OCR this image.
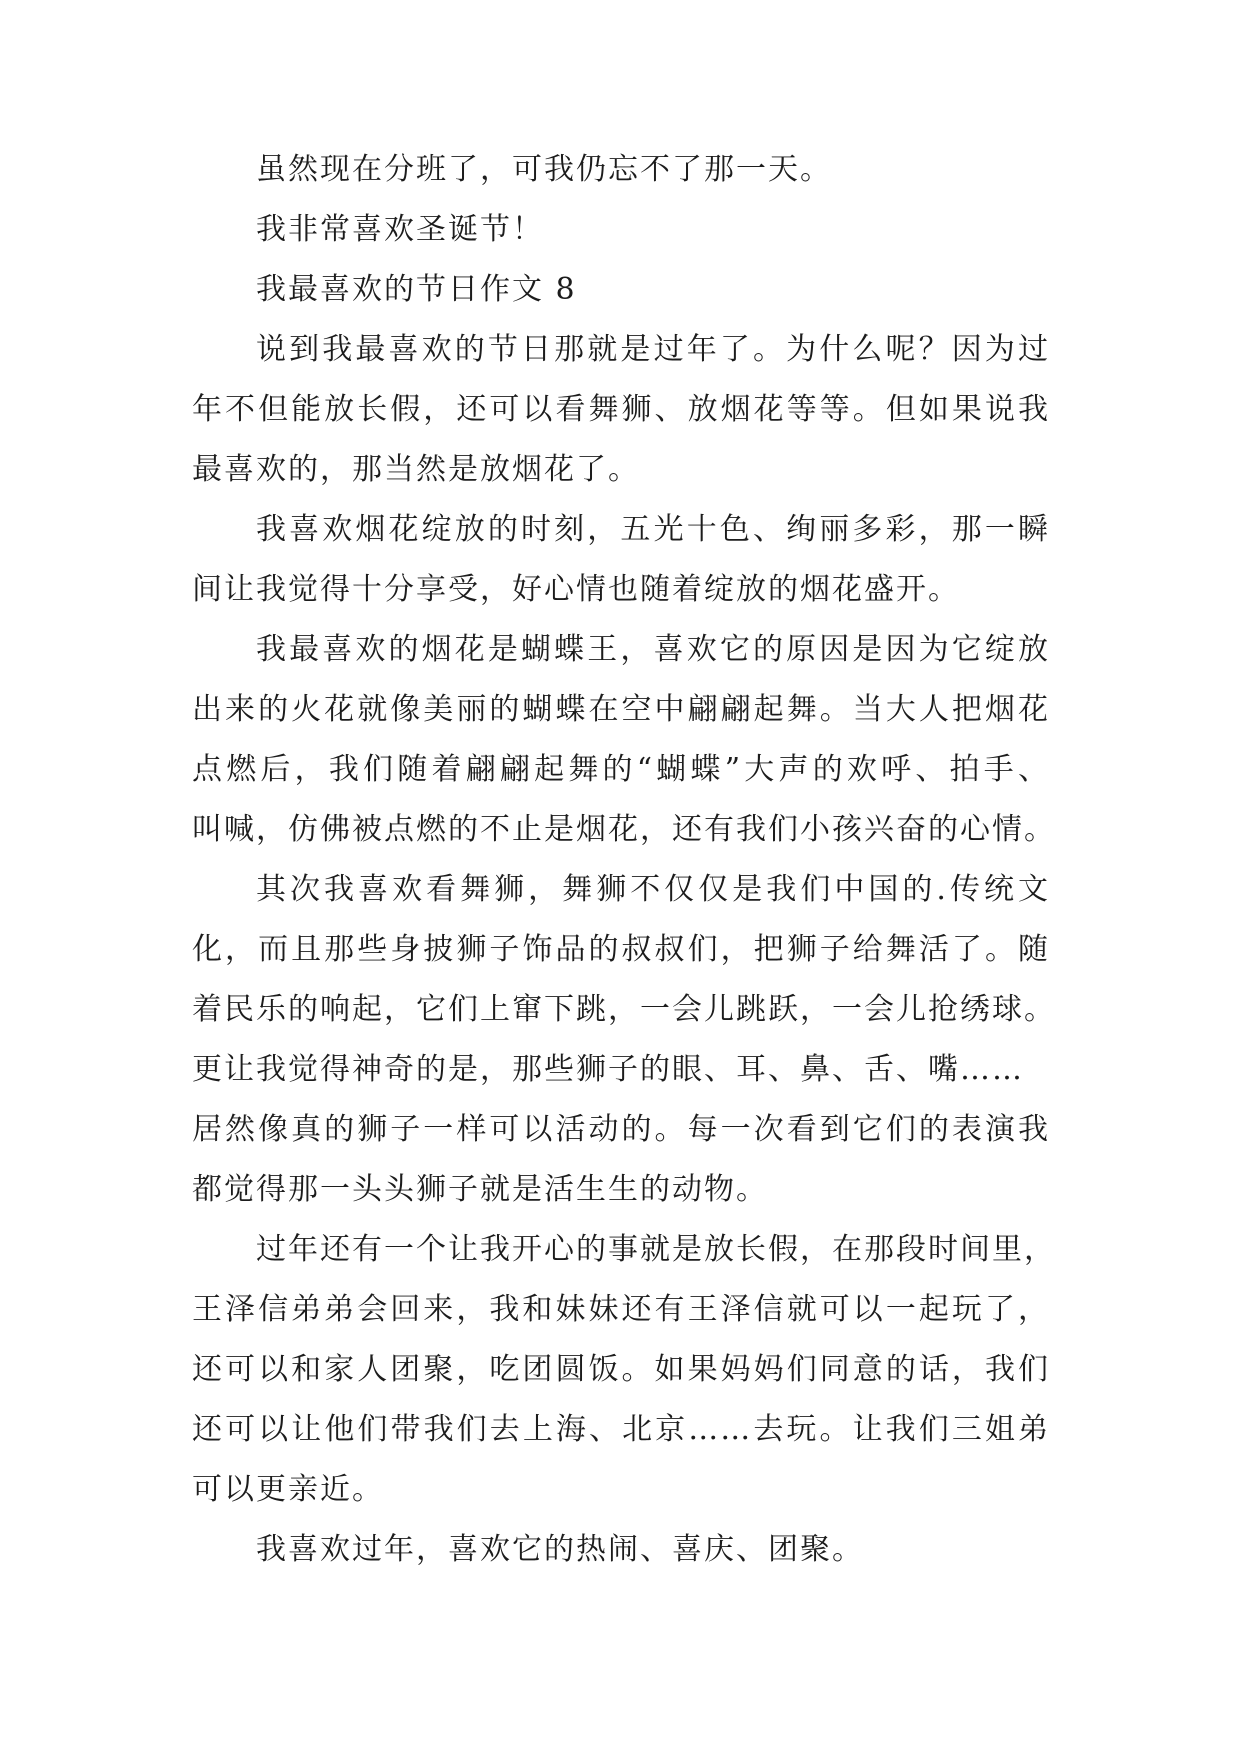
虽然现在分班了，可我仍忘不了那一天。

我非常喜欢圣诞节！

我最喜欢的节日作文 8

说到我最喜欢的节日那就是过年了。为什么呢？因为过
年不但能放长假，还可以看舞狮、放烟花等等。但如果说我
最喜欢的，那当然是放烟花了。

我喜欢烟花绽放的时刻，五光十色、绚丽多彩，那一瞬
间让我觉得十分享受，好心情也随着绽放的烟花盛开。

我最喜欢的烟花是蝴蝶王，喜欢它的原因是因为它绽放
出来的火花就像美丽的蝴蝶在空中翩翩起舞。当大人把烟花
点燃后，我们随着翩翩起舞的“蝴蝶”大声的欢呼、拍手、
叫喊，仿佛被点燃的不止是烟花，还有我们小孩兴奋的心情。

其次我喜欢看舞狮，舞狮不仅仅是我们中国的.传统文
化，而且那些身披狮子饰品的叔叔们，把狮子给舞活了。随
着民乐的响起，它们上窜下跳，一会儿跳跃，一会儿抢绣球。
更让我觉得神奇的是，那些狮子的眼、耳、鼻、舌、嘴……
居然像真的狮子一样可以活动的。每一次看到它们的表演我
都觉得那一头头狮子就是活生生的动物。

过年还有一个让我开心的事就是放长假，在那段时间里，
王泽信弟弟会回来，我和妹妹还有王泽信就可以一起玩了，
还可以和家人团聚，吃团圆饭。如果妈妈们同意的话，我们
还可以让他们带我们去上海、北京……去玩。让我们三姐弟
可以更亲近。

我喜欢过年，喜欢它的热闹、喜庆、团聚。
